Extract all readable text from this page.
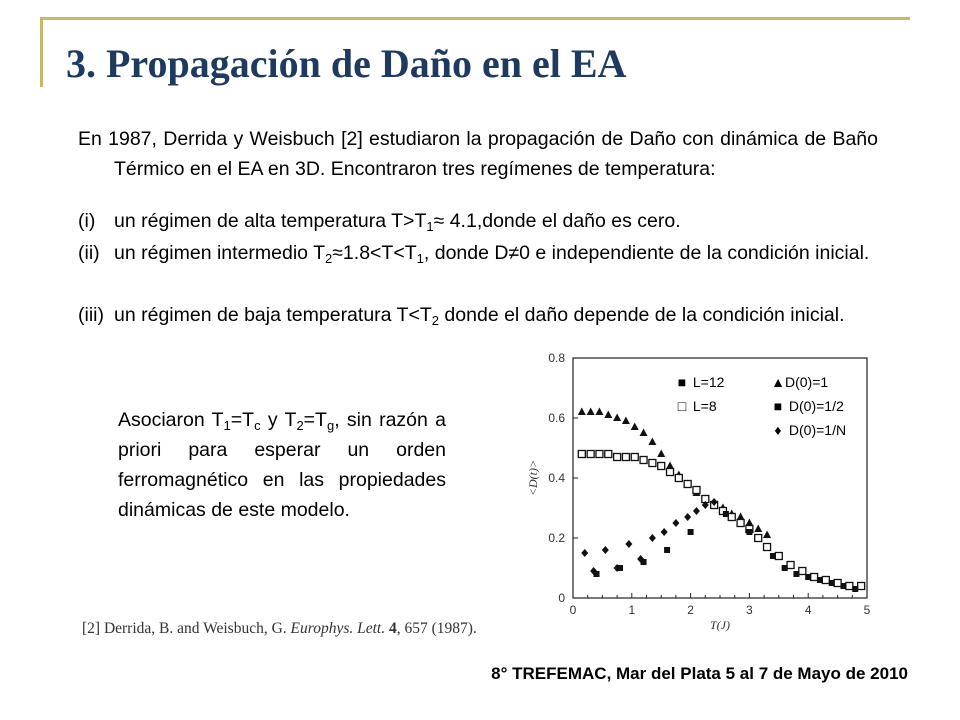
3. Propagación de Daño en el EA
En 1987, Derrida y Weisbuch [2] estudiaron la propagación de Daño con dinámica de Baño Térmico en el EA en 3D. Encontraron tres regímenes de temperatura:
(i) un régimen de alta temperatura $T>T_1\approx$ 4.1,donde el daño es cero.
(ii) un régimen intermedio $T_2\approx 1.8<T<T_1$, donde D≠0 e independiente de la condición inicial.
(iii) un régimen de baja temperatura $T<T_2$ donde el daño depende de la condición inicial.
Asociaron $T_1=T_c$ y $T_2=T_g$, sin razón a priori para esperar un orden ferromagnético en las propiedades dinámicas de este modelo.
0	1	2	3	4	5
0
0.2
0.4
0.6
0.8
T(J)
<D(t)>
■ L=12	▲D(0)=1
□ L=8	■ D(0)=1/2
♦ D(0)=1/N
[2] Derrida, B. and Weisbuch, G. Europhys. Lett. 4, 657 (1987).
8° TREFEMAC, Mar del Plata 5 al 7 de Mayo de 2010
